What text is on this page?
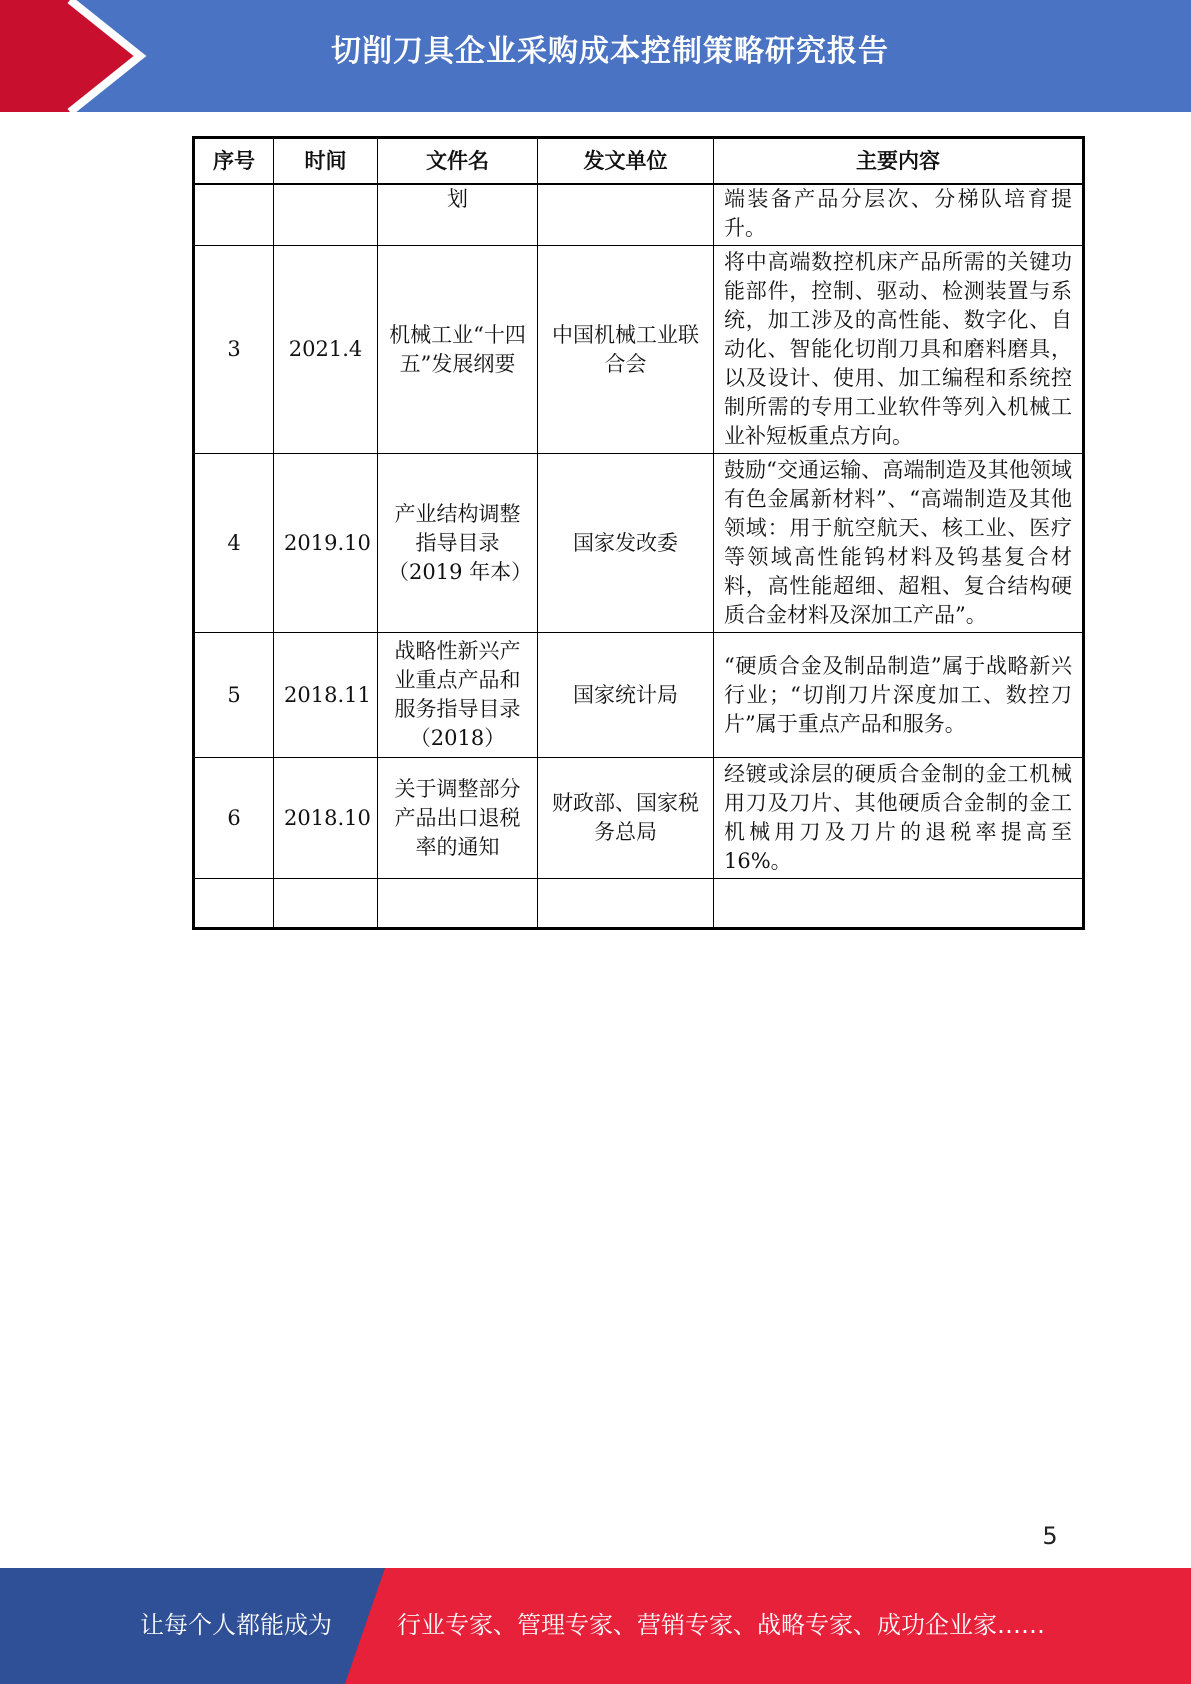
切削刀具企业采购成本控制策略研究报告
序号	时间	文件名	发文单位	主要内容
		划		端装备产品分层次、分梯队培育提升。
3	2021.4	机械工业“十四五”发展纲要	中国机械工业联合会	将中高端数控机床产品所需的关键功能部件，控制、驱动、检测装置与系统，加工涉及的高性能、数字化、自动化、智能化切削刀具和磨料磨具，以及设计、使用、加工编程和系统控制所需的专用工业软件等列入机械工业补短板重点方向。
4	2019.10	产业结构调整指导目录（2019 年本）	国家发改委	鼓励“交通运输、高端制造及其他领域有色金属新材料”、“高端制造及其他领域：用于航空航天、核工业、医疗等领域高性能钨材料及钨基复合材料，高性能超细、超粗、复合结构硬质合金材料及深加工产品”。
5	2018.11	战略性新兴产业重点产品和服务指导目录（2018）	国家统计局	“硬质合金及制品制造”属于战略新兴行业；“切削刀片深度加工、数控刀片”属于重点产品和服务。
6	2018.10	关于调整部分产品出口退税率的通知	财政部、国家税务总局	经镀或涂层的硬质合金制的金工机械用刀及刀片、其他硬质合金制的金工机械用刀及刀片的退税率提高至16%。

5
让每个人都能成为	行业专家、管理专家、营销专家、战略专家、成功企业家……
